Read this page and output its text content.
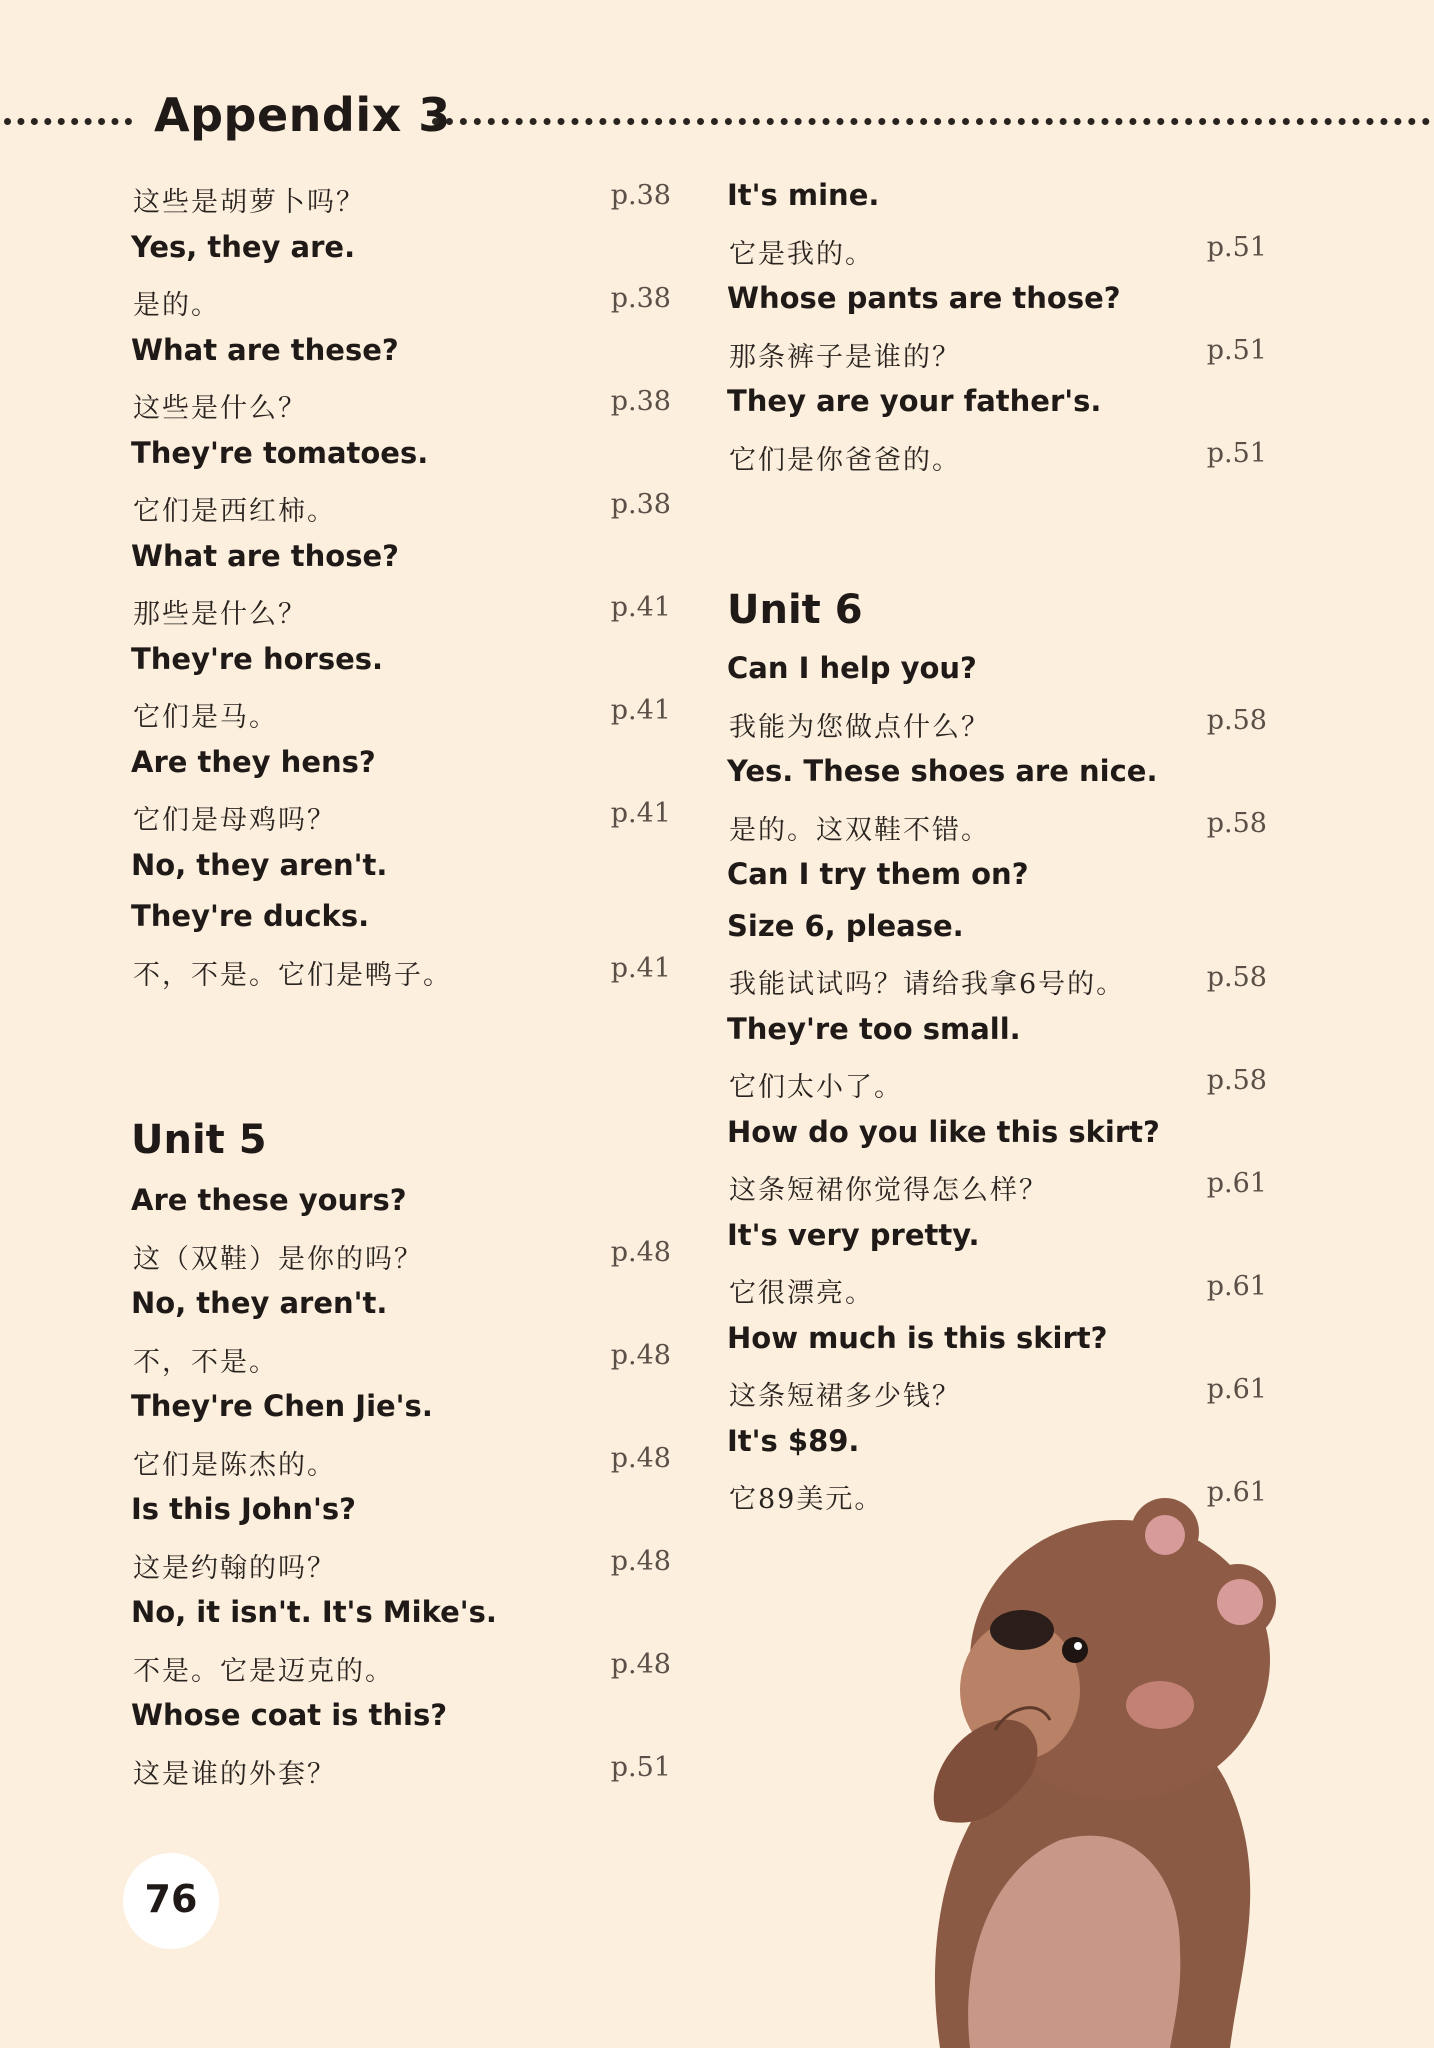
Appendix 3
这些是胡萝卜吗？	p.38
Yes, they are.
是的。	p.38
What are these?
这些是什么？	p.38
They're tomatoes.
它们是西红柿。	p.38
What are those?
那些是什么？	p.41
They're horses.
它们是马。	p.41
Are they hens?
它们是母鸡吗？	p.41
No, they aren't.
They're ducks.
不，不是。它们是鸭子。	p.41
Unit 5
Are these yours?
这（双鞋）是你的吗？	p.48
No, they aren't.
不，不是。	p.48
They're Chen Jie's.
它们是陈杰的。	p.48
Is this John's?
这是约翰的吗？	p.48
No, it isn't. It's Mike's.
不是。它是迈克的。	p.48
Whose coat is this?
这是谁的外套？	p.51
It's mine.
它是我的。	p.51
Whose pants are those?
那条裤子是谁的？	p.51
They are your father's.
它们是你爸爸的。	p.51
Unit 6
Can I help you?
我能为您做点什么？	p.58
Yes. These shoes are nice.
是的。这双鞋不错。	p.58
Can I try them on?
Size 6, please.
我能试试吗？请给我拿6号的。	p.58
They're too small.
它们太小了。	p.58
How do you like this skirt?
这条短裙你觉得怎么样？	p.61
It's very pretty.
它很漂亮。	p.61
How much is this skirt?
这条短裙多少钱？	p.61
It's $89.
它89美元。	p.61
76
